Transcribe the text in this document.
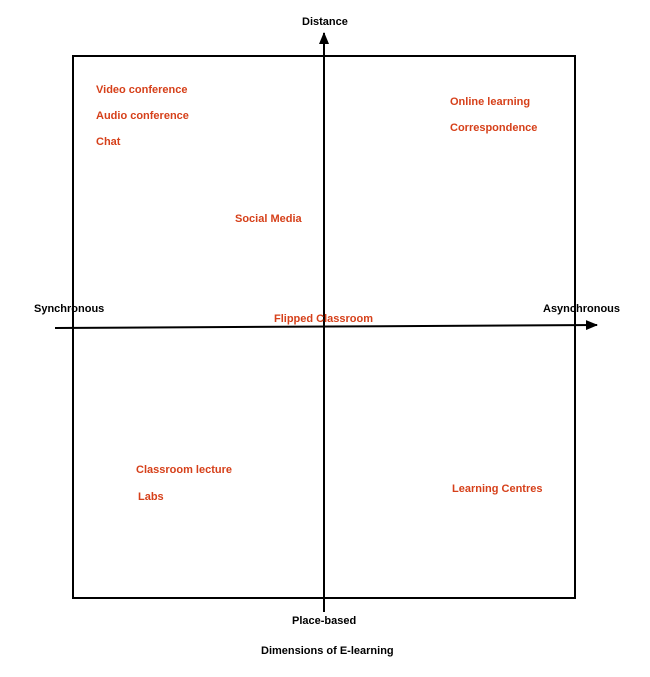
Distance
Place-based
Synchronous	Asynchronous
Video conference
Audio conference
Chat
Online learning
Correspondence
Social Media
Flipped Classroom
Classroom lecture
Labs
Learning Centres
Dimensions of E-learning
